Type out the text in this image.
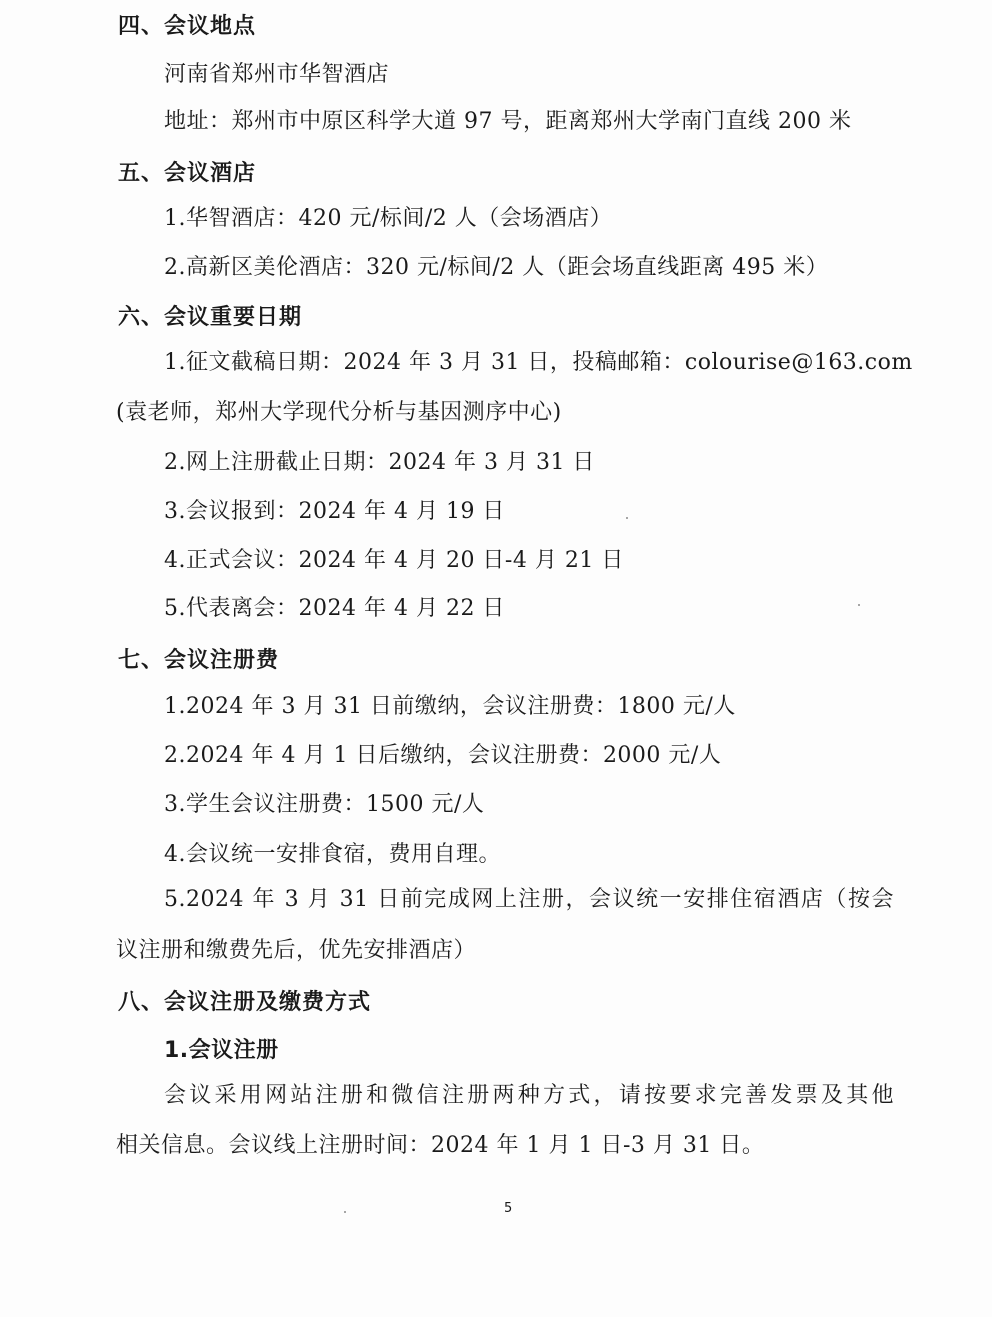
四、会议地点
河南省郑州市华智酒店
地址：郑州市中原区科学大道 97 号，距离郑州大学南门直线 200 米
五、会议酒店
1.华智酒店：420 元/标间/2 人（会场酒店）
2.高新区美伦酒店：320 元/标间/2 人（距会场直线距离 495 米）
六、会议重要日期
1.征文截稿日期：2024 年 3 月 31 日，投稿邮箱：colourise@163.com
(袁老师，郑州大学现代分析与基因测序中心)
2.网上注册截止日期：2024 年 3 月 31 日
3.会议报到：2024 年 4 月 19 日
4.正式会议：2024 年 4 月 20 日-4 月 21 日
5.代表离会：2024 年 4 月 22 日
七、会议注册费
1.2024 年 3 月 31 日前缴纳，会议注册费：1800 元/人
2.2024 年 4 月 1 日后缴纳，会议注册费：2000 元/人
3.学生会议注册费：1500 元/人
4.会议统一安排食宿，费用自理。
5.2024 年 3 月 31 日前完成网上注册，会议统一安排住宿酒店（按会
议注册和缴费先后，优先安排酒店）
八、会议注册及缴费方式
1.会议注册
会议采用网站注册和微信注册两种方式，请按要求完善发票及其他
相关信息。会议线上注册时间：2024 年 1 月 1 日-3 月 31 日。
5
